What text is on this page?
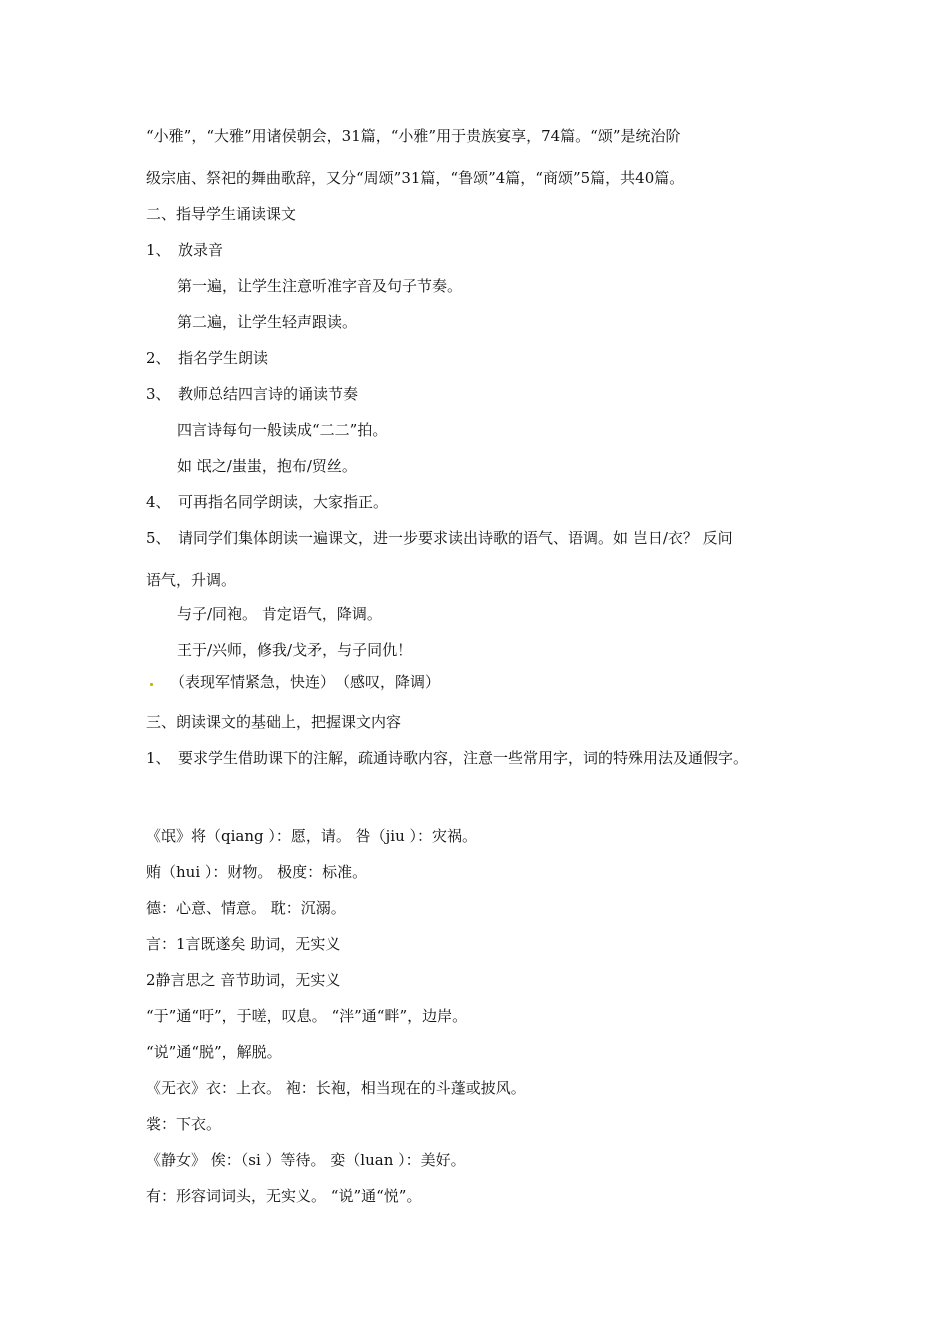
“小雅”，“大雅”用诸侯朝会，31篇，“小雅”用于贵族宴享，74篇。“颂”是统治阶
级宗庙、祭祀的舞曲歌辞，又分“周颂”31篇，“鲁颂”4篇，“商颂”5篇，共40篇。
二、指导学生诵读课文
1、　放录音
第一遍，让学生注意听准字音及句子节奏。
第二遍，让学生轻声跟读。
2、　指名学生朗读
3、　教师总结四言诗的诵读节奏
四言诗每句一般读成“二二”拍。
如 氓之/蚩蚩，抱布/贸丝。
4、　可再指名同学朗读，大家指正。
5、　请同学们集体朗读一遍课文，进一步要求读出诗歌的语气、语调。如 岂日/衣？ 反问
语气，升调。
与子/同袍。 肯定语气，降调。
王于/兴师，修我/戈矛，与子同仇！
（表现军情紧急，快连）　（感叹，降调）
三、朗读课文的基础上，把握课文内容
1、　要求学生借助课下的注解，疏通诗歌内容，注意一些常用字，词的特殊用法及通假字。
《氓》将（qiang ）：愿，请。 咎（jiu ）：灾祸。
贿（hui ）：财物。 极度：标准。
德：心意、情意。 耽：沉溺。
言：1言既遂矣 助词，无实义
2静言思之 音节助词，无实义
“于”通“吁”，于嗟，叹息。 “泮”通“畔”，边岸。
“说”通“脱”，解脱。
《无衣》衣：上衣。 袍：长袍，相当现在的斗蓬或披风。
裳：下衣。
《静女》 俟：（si ）等待。 娈（luan ）：美好。
有：形容词词头，无实义。 “说”通“悦”。
